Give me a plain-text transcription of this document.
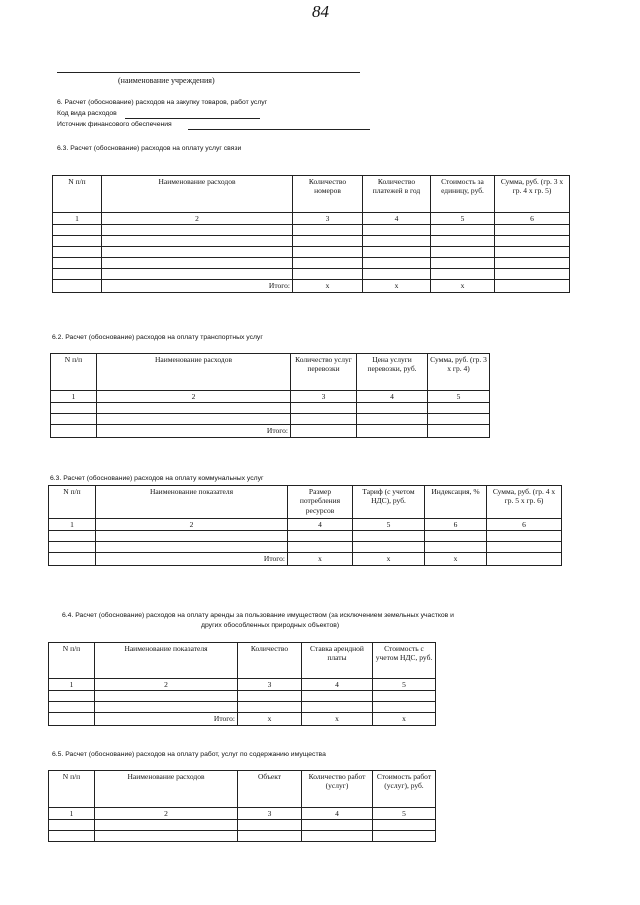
84
(наименование учреждения)
6. Расчет (обоснование) расходов на закупку товаров, работ услуг
Код вида расходов
Источник финансового обеспечения
6.3. Расчет (обоснование) расходов на оплату услуг связи
N п/п	Наименование расходов	Количество номеров	Количество платежей в год	Стоимость за единицу, руб.	Сумма, руб. (гр. 3 x гр. 4 x гр. 5)
1	2	3	4	5	6

	Итого:	x	x	x	
6.2. Расчет (обоснование) расходов на оплату транспортных услуг
N п/п	Наименование расходов	Количество услуг перевозки	Цена услуги перевозки, руб.	Сумма, руб. (гр. 3 x гр. 4)
1	2	3	4	5

	Итого:			
6.3. Расчет (обоснование) расходов на оплату коммунальных услуг
N п/п	Наименование показателя	Размер потребления ресурсов	Тариф (с учетом НДС), руб.	Индексация, %	Сумма, руб. (гр. 4 x гр. 5 x гр. 6)
1	2	4	5	6	6

	Итого:	x	x	x	
6.4. Расчет (обоснование) расходов на оплату аренды за пользование имуществом (за исключением земельных участков и
других обособленных природных объектов)
N п/п	Наименование показателя	Количество	Ставка арендной платы	Стоимость с учетом НДС, руб.
1	2	3	4	5

	Итого:	x	x	x
6.5. Расчет (обоснование) расходов на оплату работ, услуг по содержанию имущества
N п/п	Наименование расходов	Объект	Количество работ (услуг)	Стоимость работ (услуг), руб.
1	2	3	4	5
